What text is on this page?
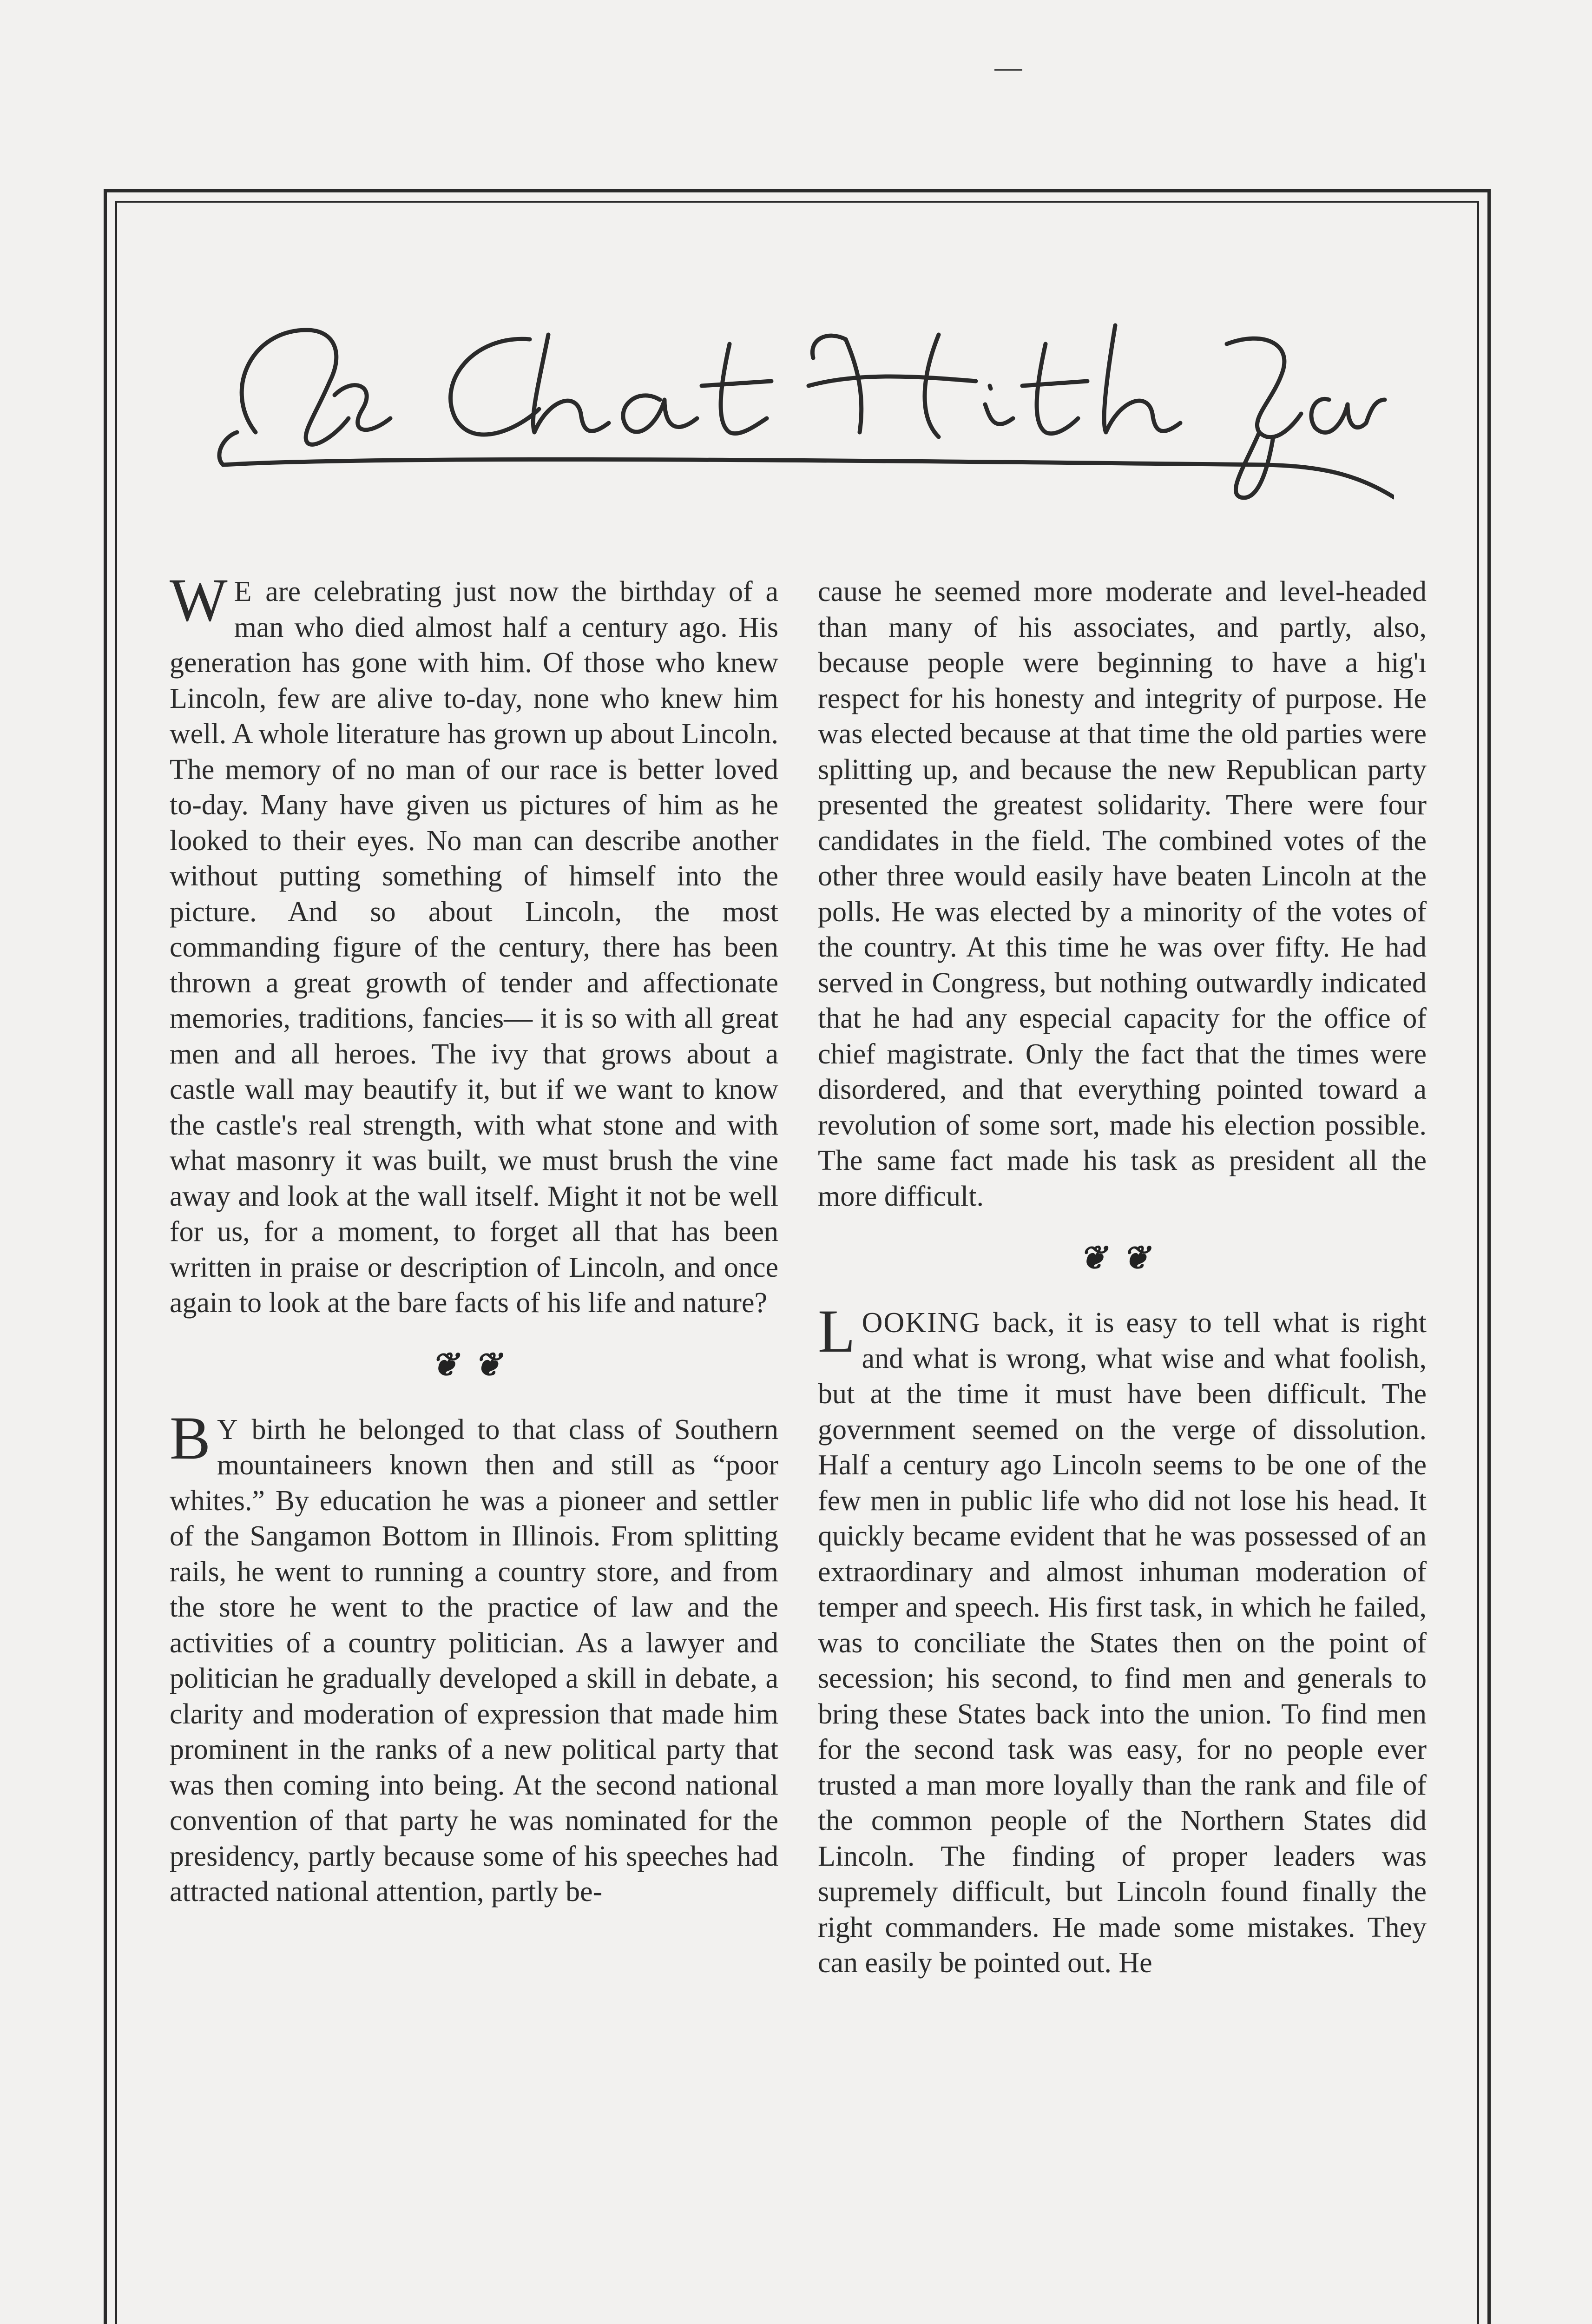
W E are celebrating just now the birthday of a man who died almost half a century ago. His generation has gone with him. Of those who knew Lincoln, few are alive to-day, none who knew him well. A whole literature has grown up about Lincoln. The memory of no man of our race is better loved to-day. Many have given us pictures of him as he looked to their eyes. No man can describe another without putting something of himself into the picture. And so about Lincoln, the most commanding figure of the century, there has been thrown a great growth of tender and affectionate memories, traditions, fancies— it is so with all great men and all heroes. The ivy that grows about a castle wall may beautify it, but if we want to know the castle's real strength, with what stone and with what masonry it was built, we must brush the vine away and look at the wall itself. Might it not be well for us, for a moment, to forget all that has been written in praise or description of Lincoln, and once again to look at the bare facts of his life and nature?

❦❦

B Y birth he belonged to that class of Southern mountaineers known then and still as “poor whites.” By education he was a pioneer and settler of the Sangamon Bottom in Illinois. From splitting rails, he went to running a country store, and from the store he went to the practice of law and the activities of a country politician. As a lawyer and politician he gradually developed a skill in debate, a clarity and moderation of expression that made him prominent in the ranks of a new political party that was then coming into being. At the second national convention of that party he was nominated for the presidency, partly because some of his speeches had attracted national attention, partly be-

cause he seemed more moderate and level-headed than many of his associates, and partly, also, because people were beginning to have a hig'ı respect for his honesty and integrity of purpose. He was elected because at that time the old parties were splitting up, and because the new Republican party presented the greatest solidarity. There were four candidates in the field. The combined votes of the other three would easily have beaten Lincoln at the polls. He was elected by a minority of the votes of the country. At this time he was over fifty. He had served in Congress, but nothing outwardly indicated that he had any especial capacity for the office of chief magistrate. Only the fact that the times were disordered, and that everything pointed toward a revolution of some sort, made his election possible. The same fact made his task as president all the more difficult.

❦❦

LOOKING back, it is easy to tell what is right and what is wrong, what wise and what foolish, but at the time it must have been difficult. The government seemed on the verge of dissolution. Half a century ago Lincoln seems to be one of the few men in public life who did not lose his head. It quickly became evident that he was possessed of an extraordinary and almost inhuman moderation of temper and speech. His first task, in which he failed, was to conciliate the States then on the point of secession; his second, to find men and generals to bring these States back into the union. To find men for the second task was easy, for no people ever trusted a man more loyally than the rank and file of the common people of the Northern States did Lincoln. The finding of proper leaders was supremely difficult, but Lincoln found finally the right commanders. He made some mistakes. They can easily be pointed out. He
